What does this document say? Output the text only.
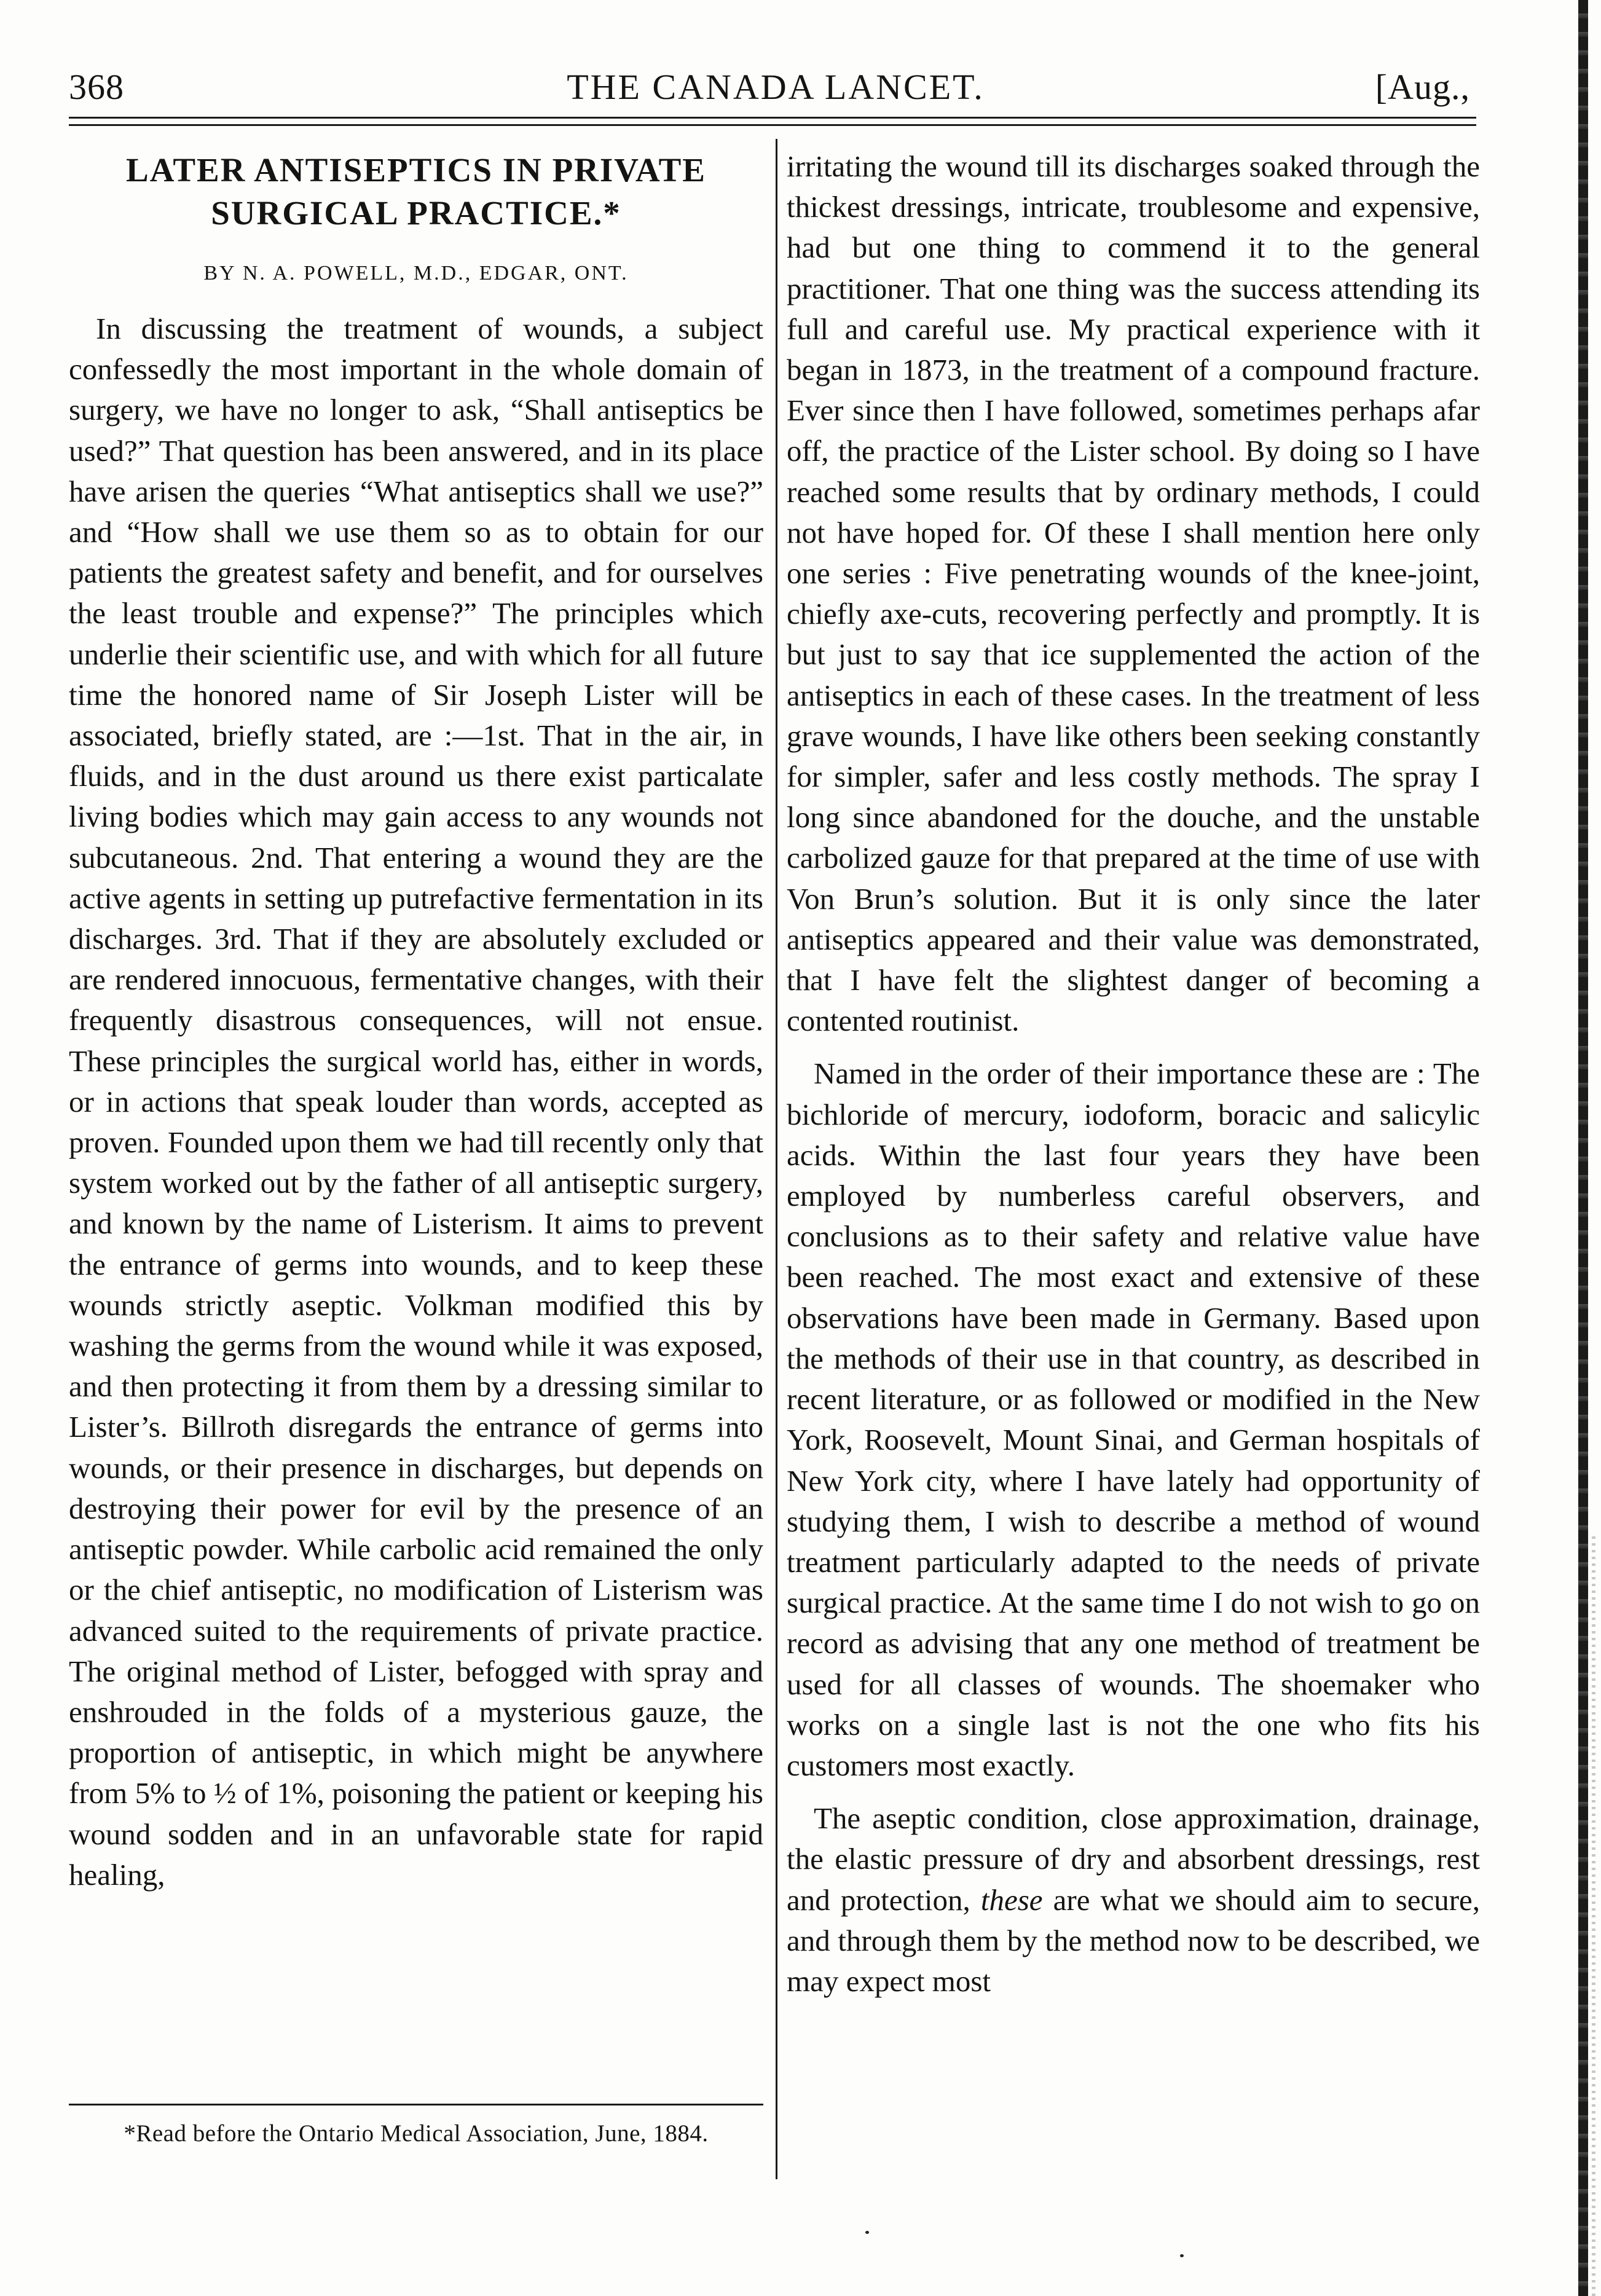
368	THE CANADA LANCET.	[Aug.,
LATER ANTISEPTICS IN PRIVATE SURGICAL PRACTICE.*
BY N. A. POWELL, M.D., EDGAR, ONT.

In discussing the treatment of wounds, a subject confessedly the most important in the whole domain of surgery, we have no longer to ask, “Shall antiseptics be used?” That question has been answered, and in its place have arisen the queries “What antiseptics shall we use?” and “How shall we use them so as to obtain for our patients the greatest safety and benefit, and for ourselves the least trouble and expense?” The principles which underlie their scientific use, and with which for all future time the honored name of Sir Joseph Lister will be associated, briefly stated, are :—1st. That in the air, in fluids, and in the dust around us there exist particalate living bodies which may gain access to any wounds not subcutaneous. 2nd. That entering a wound they are the active agents in setting up putrefactive fermentation in its discharges. 3rd. That if they are absolutely excluded or are rendered innocuous, fermentative changes, with their frequently disastrous consequences, will not ensue. These principles the surgical world has, either in words, or in actions that speak louder than words, accepted as proven. Founded upon them we had till recently only that system worked out by the father of all antiseptic surgery, and known by the name of Listerism. It aims to prevent the entrance of germs into wounds, and to keep these wounds strictly aseptic. Volkman modified this by washing the germs from the wound while it was exposed, and then protecting it from them by a dressing similar to Lister’s. Billroth disregards the entrance of germs into wounds, or their presence in discharges, but depends on destroying their power for evil by the presence of an antiseptic powder. While carbolic acid remained the only or the chief antiseptic, no modification of Listerism was advanced suited to the requirements of private practice. The original method of Lister, befogged with spray and enshrouded in the folds of a mysterious gauze, the proportion of antiseptic, in which might be anywhere from 5% to ½ of 1%, poisoning the patient or keeping his wound sodden and in an unfavorable state for rapid healing,

irritating the wound till its discharges soaked through the thickest dressings, intricate, troublesome and expensive, had but one thing to commend it to the general practitioner. That one thing was the success attending its full and careful use. My practical experience with it began in 1873, in the treatment of a compound fracture. Ever since then I have followed, sometimes perhaps afar off, the practice of the Lister school. By doing so I have reached some results that by ordinary methods, I could not have hoped for. Of these I shall mention here only one series : Five penetrating wounds of the knee-joint, chiefly axe-cuts, recovering perfectly and promptly. It is but just to say that ice supplemented the action of the antiseptics in each of these cases. In the treatment of less grave wounds, I have like others been seeking constantly for simpler, safer and less costly methods. The spray I long since abandoned for the douche, and the unstable carbolized gauze for that prepared at the time of use with Von Brun’s solution. But it is only since the later antiseptics appeared and their value was demonstrated, that I have felt the slightest danger of becoming a contented routinist.

Named in the order of their importance these are : The bichloride of mercury, iodoform, boracic and salicylic acids. Within the last four years they have been employed by numberless careful observers, and conclusions as to their safety and relative value have been reached. The most exact and extensive of these observations have been made in Germany. Based upon the methods of their use in that country, as described in recent literature, or as followed or modified in the New York, Roosevelt, Mount Sinai, and German hospitals of New York city, where I have lately had opportunity of studying them, I wish to describe a method of wound treatment particularly adapted to the needs of private surgical practice. At the same time I do not wish to go on record as advising that any one method of treatment be used for all classes of wounds. The shoemaker who works on a single last is not the one who fits his customers most exactly.

The aseptic condition, close approximation, drainage, the elastic pressure of dry and absorbent dressings, rest and protection, these are what we should aim to secure, and through them by the method now to be described, we may expect most

*Read before the Ontario Medical Association, June, 1884.
